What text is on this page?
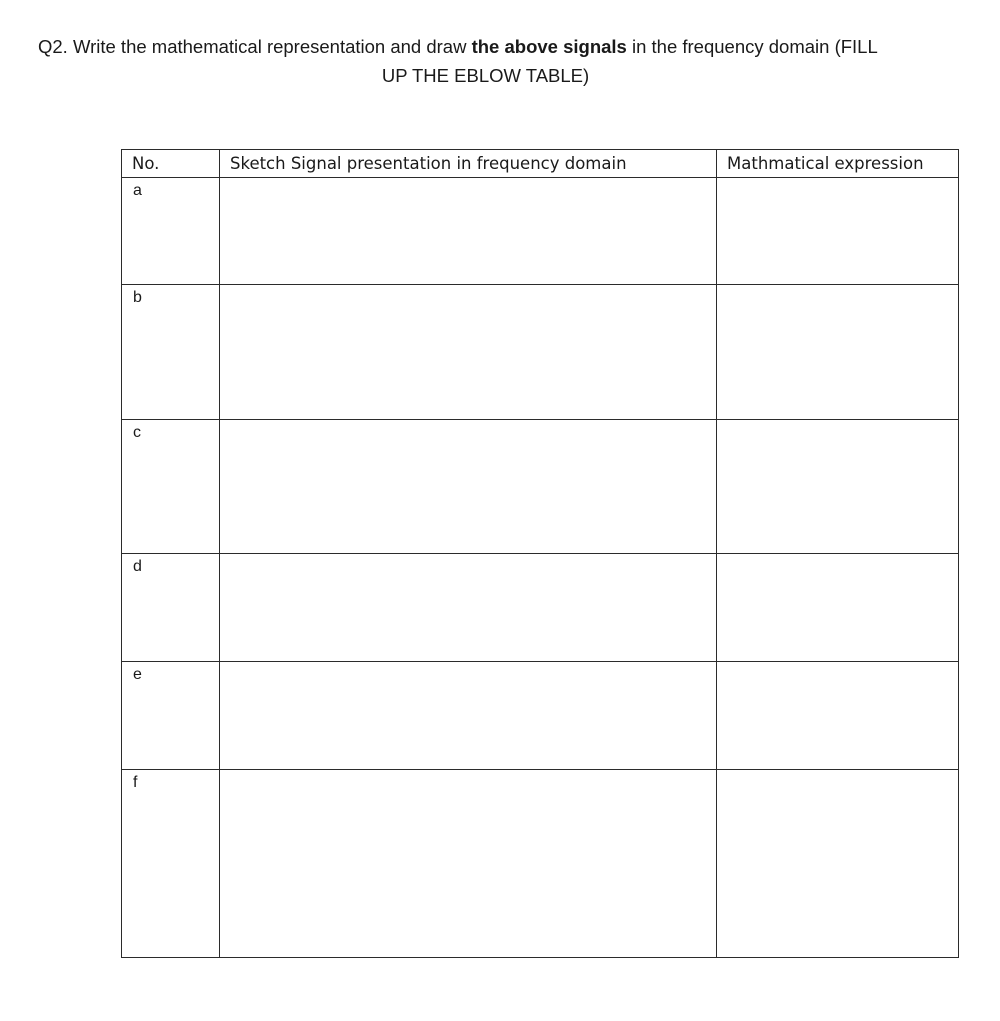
Q2. Write the mathematical representation and draw the above signals in the frequency domain (FILL
UP THE EBLOW TABLE)
No.	Sketch Signal presentation in frequency domain	Mathmatical expression
a		
b		
c		
d		
e		
f		
